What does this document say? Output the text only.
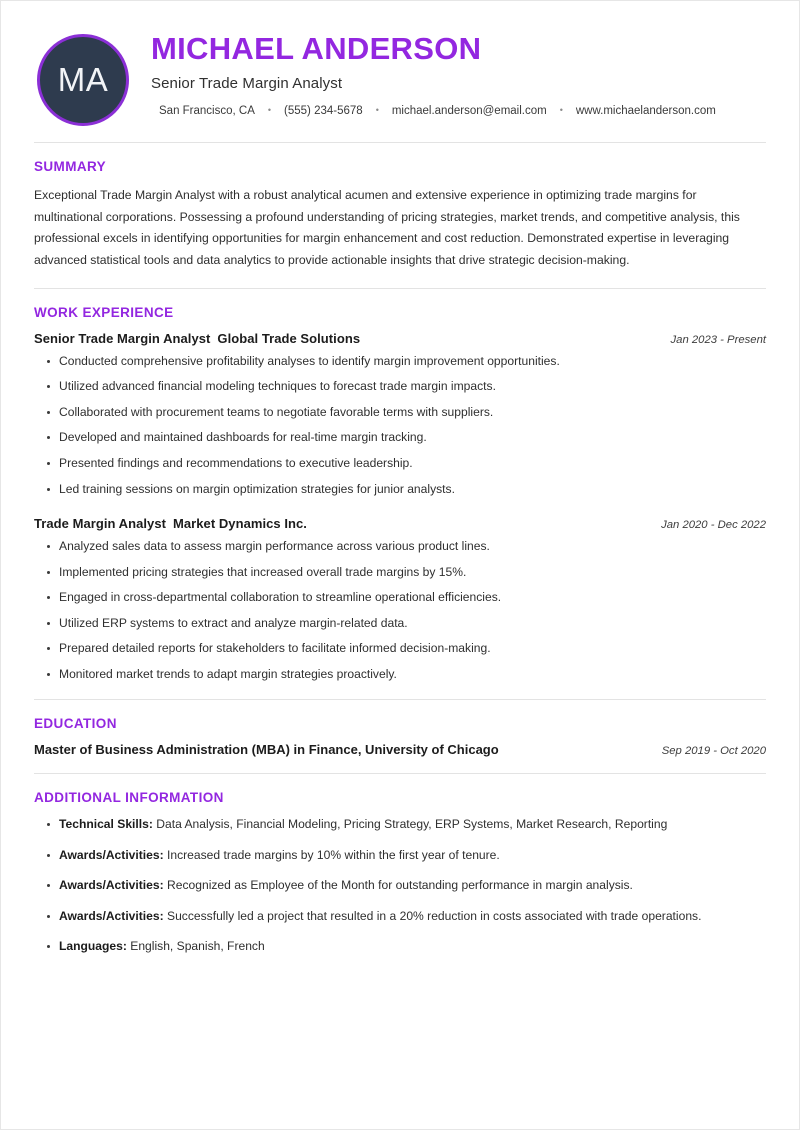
MA
MICHAEL ANDERSON
Senior Trade Margin Analyst
San Francisco, CA	•	(555) 234-5678	•	michael.anderson@email.com	•	www.michaelanderson.com
SUMMARY

Exceptional Trade Margin Analyst with a robust analytical acumen and extensive experience in optimizing trade margins for multinational corporations. Possessing a profound understanding of pricing strategies, market trends, and competitive analysis, this professional excels in identifying opportunities for margin enhancement and cost reduction. Demonstrated expertise in leveraging advanced statistical tools and data analytics to provide actionable insights that drive strategic decision-making.

WORK EXPERIENCE
Senior Trade Margin Analyst Global Trade Solutions	Jan 2023 - Present
Conducted comprehensive profitability analyses to identify margin improvement opportunities.
Utilized advanced financial modeling techniques to forecast trade margin impacts.
Collaborated with procurement teams to negotiate favorable terms with suppliers.
Developed and maintained dashboards for real-time margin tracking.
Presented findings and recommendations to executive leadership.
Led training sessions on margin optimization strategies for junior analysts.
Trade Margin Analyst Market Dynamics Inc.	Jan 2020 - Dec 2022
Analyzed sales data to assess margin performance across various product lines.
Implemented pricing strategies that increased overall trade margins by 15%.
Engaged in cross-departmental collaboration to streamline operational efficiencies.
Utilized ERP systems to extract and analyze margin-related data.
Prepared detailed reports for stakeholders to facilitate informed decision-making.
Monitored market trends to adapt margin strategies proactively.
EDUCATION
Master of Business Administration (MBA) in Finance, University of Chicago	Sep 2019 - Oct 2020
ADDITIONAL INFORMATION
Technical Skills: Data Analysis, Financial Modeling, Pricing Strategy, ERP Systems, Market Research, Reporting
Awards/Activities: Increased trade margins by 10% within the first year of tenure.
Awards/Activities: Recognized as Employee of the Month for outstanding performance in margin analysis.
Awards/Activities: Successfully led a project that resulted in a 20% reduction in costs associated with trade operations.
Languages: English, Spanish, French
